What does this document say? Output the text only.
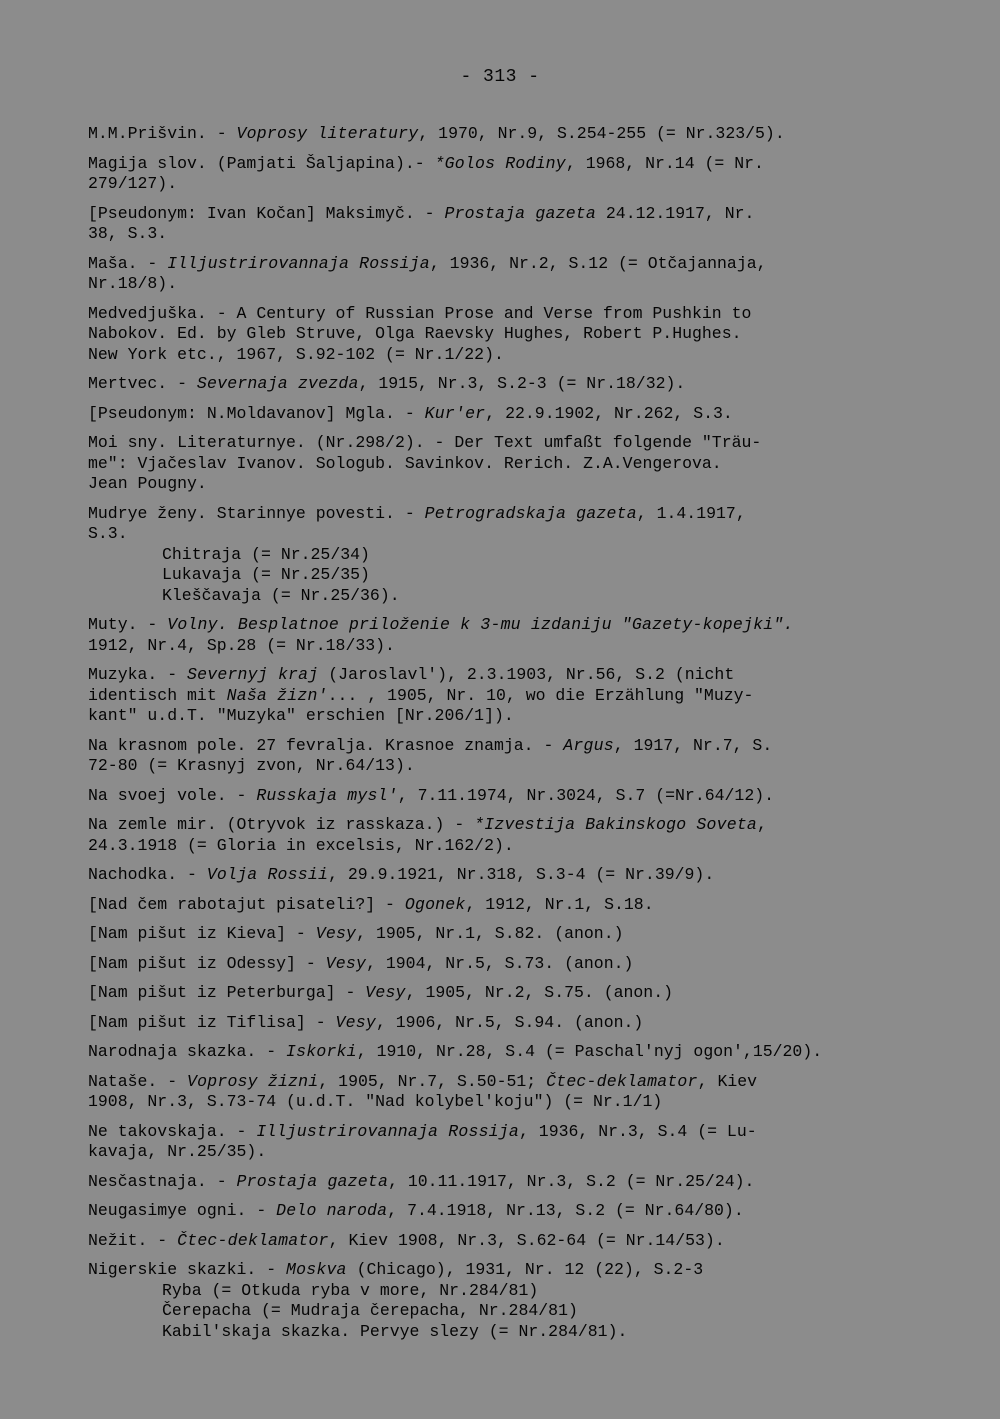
- 313 -
M.M.Prišvin. - Voprosy literatury, 1970, Nr.9, S.254-255 (= Nr.323/5).
Magija slov. (Pamjati Šaljapina).- *Golos Rodiny, 1968, Nr.14 (= Nr.
279/127).
[Pseudonym: Ivan Kočan] Maksimyč. - Prostaja gazeta 24.12.1917, Nr.
38, S.3.
Maša. - Illjustrirovannaja Rossija, 1936, Nr.2, S.12 (= Otčajannaja,
Nr.18/8).
Medvedjuška. - A Century of Russian Prose and Verse from Pushkin to
Nabokov. Ed. by Gleb Struve, Olga Raevsky Hughes, Robert P.Hughes.
New York etc., 1967, S.92-102 (= Nr.1/22).
Mertvec. - Severnaja zvezda, 1915, Nr.3, S.2-3 (= Nr.18/32).
[Pseudonym: N.Moldavanov] Mgla. - Kur'er, 22.9.1902, Nr.262, S.3.
Moi sny. Literaturnye. (Nr.298/2). - Der Text umfaßt folgende "Träu-
me": Vjačeslav Ivanov. Sologub. Savinkov. Rerich. Z.A.Vengerova.
Jean Pougny.
Mudrye ženy. Starinnye povesti. - Petrogradskaja gazeta, 1.4.1917,
S.3.
Chitraja (= Nr.25/34)
Lukavaja (= Nr.25/35)
Kleščavaja (= Nr.25/36).
Muty. - Volny. Besplatnoe priloženie k 3-mu izdaniju "Gazety-kopejki".
1912, Nr.4, Sp.28 (= Nr.18/33).
Muzyka. - Severnyj kraj (Jaroslavl'), 2.3.1903, Nr.56, S.2 (nicht
identisch mit Naša žizn'... , 1905, Nr. 10, wo die Erzählung "Muzy-
kant" u.d.T. "Muzyka" erschien [Nr.206/1]).
Na krasnom pole. 27 fevralja. Krasnoe znamja. - Argus, 1917, Nr.7, S.
72-80 (= Krasnyj zvon, Nr.64/13).
Na svoej vole. - Russkaja mysl', 7.11.1974, Nr.3024, S.7 (=Nr.64/12).
Na zemle mir. (Otryvok iz rasskaza.) - *Izvestija Bakinskogo Soveta,
24.3.1918 (= Gloria in excelsis, Nr.162/2).
Nachodka. - Volja Rossii, 29.9.1921, Nr.318, S.3-4 (= Nr.39/9).
[Nad čem rabotajut pisateli?] - Ogonek, 1912, Nr.1, S.18.
[Nam pišut iz Kieva] - Vesy, 1905, Nr.1, S.82. (anon.)
[Nam pišut iz Odessy] - Vesy, 1904, Nr.5, S.73. (anon.)
[Nam pišut iz Peterburga] - Vesy, 1905, Nr.2, S.75. (anon.)
[Nam pišut iz Tiflisa] - Vesy, 1906, Nr.5, S.94. (anon.)
Narodnaja skazka. - Iskorki, 1910, Nr.28, S.4 (= Paschal'nyj ogon',15/20).
Nataše. - Voprosy žizni, 1905, Nr.7, S.50-51; Čtec-deklamator, Kiev
1908, Nr.3, S.73-74 (u.d.T. "Nad kolybel'koju") (= Nr.1/1)
Ne takovskaja. - Illjustrirovannaja Rossija, 1936, Nr.3, S.4 (= Lu-
kavaja, Nr.25/35).
Nesčastnaja. - Prostaja gazeta, 10.11.1917, Nr.3, S.2 (= Nr.25/24).
Neugasimye ogni. - Delo naroda, 7.4.1918, Nr.13, S.2 (= Nr.64/80).
Nežit. - Čtec-deklamator, Kiev 1908, Nr.3, S.62-64 (= Nr.14/53).
Nigerskie skazki. - Moskva (Chicago), 1931, Nr. 12 (22), S.2-3
Ryba (= Otkuda ryba v more, Nr.284/81)
Čerepacha (= Mudraja čerepacha, Nr.284/81)
Kabil'skaja skazka. Pervye slezy (= Nr.284/81).
